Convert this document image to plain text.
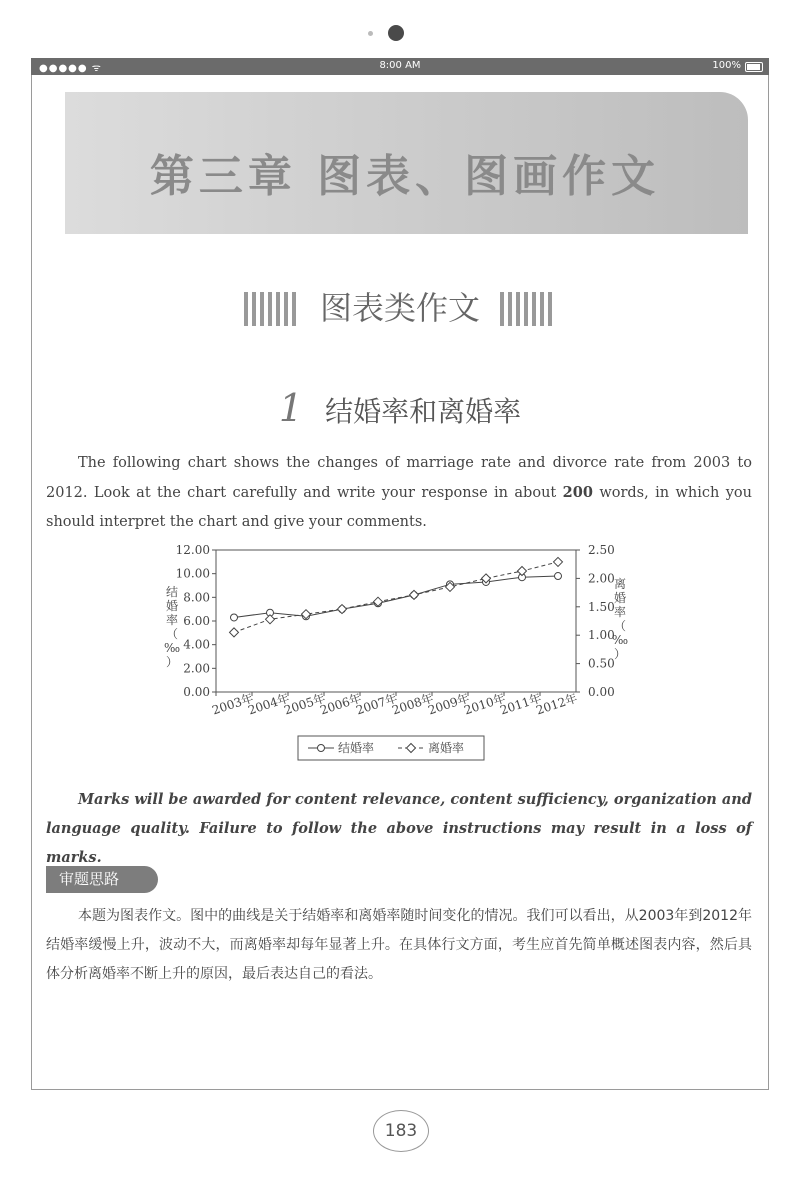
●●●●● ᯤ	8:00 AM	100%
第三章 图表、图画作文
图表类作文
1 结婚率和离婚率
The following chart shows the changes of marriage rate and divorce rate from 2003 to 2012. Look at the chart carefully and write your response in about 200 words, in which you should interpret the chart and give your comments.
12.00
10.00
8.00
6.00
4.00
2.00
0.00
2.50
2.00
1.50
1.00
0.50
0.00
结
婚
率
（
‰
）
离
婚
率
（
‰
）
2003年
2004年
2005年
2006年
2007年
2008年
2009年
2010年
2011年
2012年
结婚率	离婚率
Marks will be awarded for content relevance, content sufficiency, organization and language quality. Failure to follow the above instructions may result in a loss of marks.
审题思路
本题为图表作文。图中的曲线是关于结婚率和离婚率随时间变化的情况。我们可以看出，从2003年到2012年结婚率缓慢上升，波动不大，而离婚率却每年显著上升。在具体行文方面，考生应首先简单概述图表内容，然后具体分析离婚率不断上升的原因，最后表达自己的看法。
183
